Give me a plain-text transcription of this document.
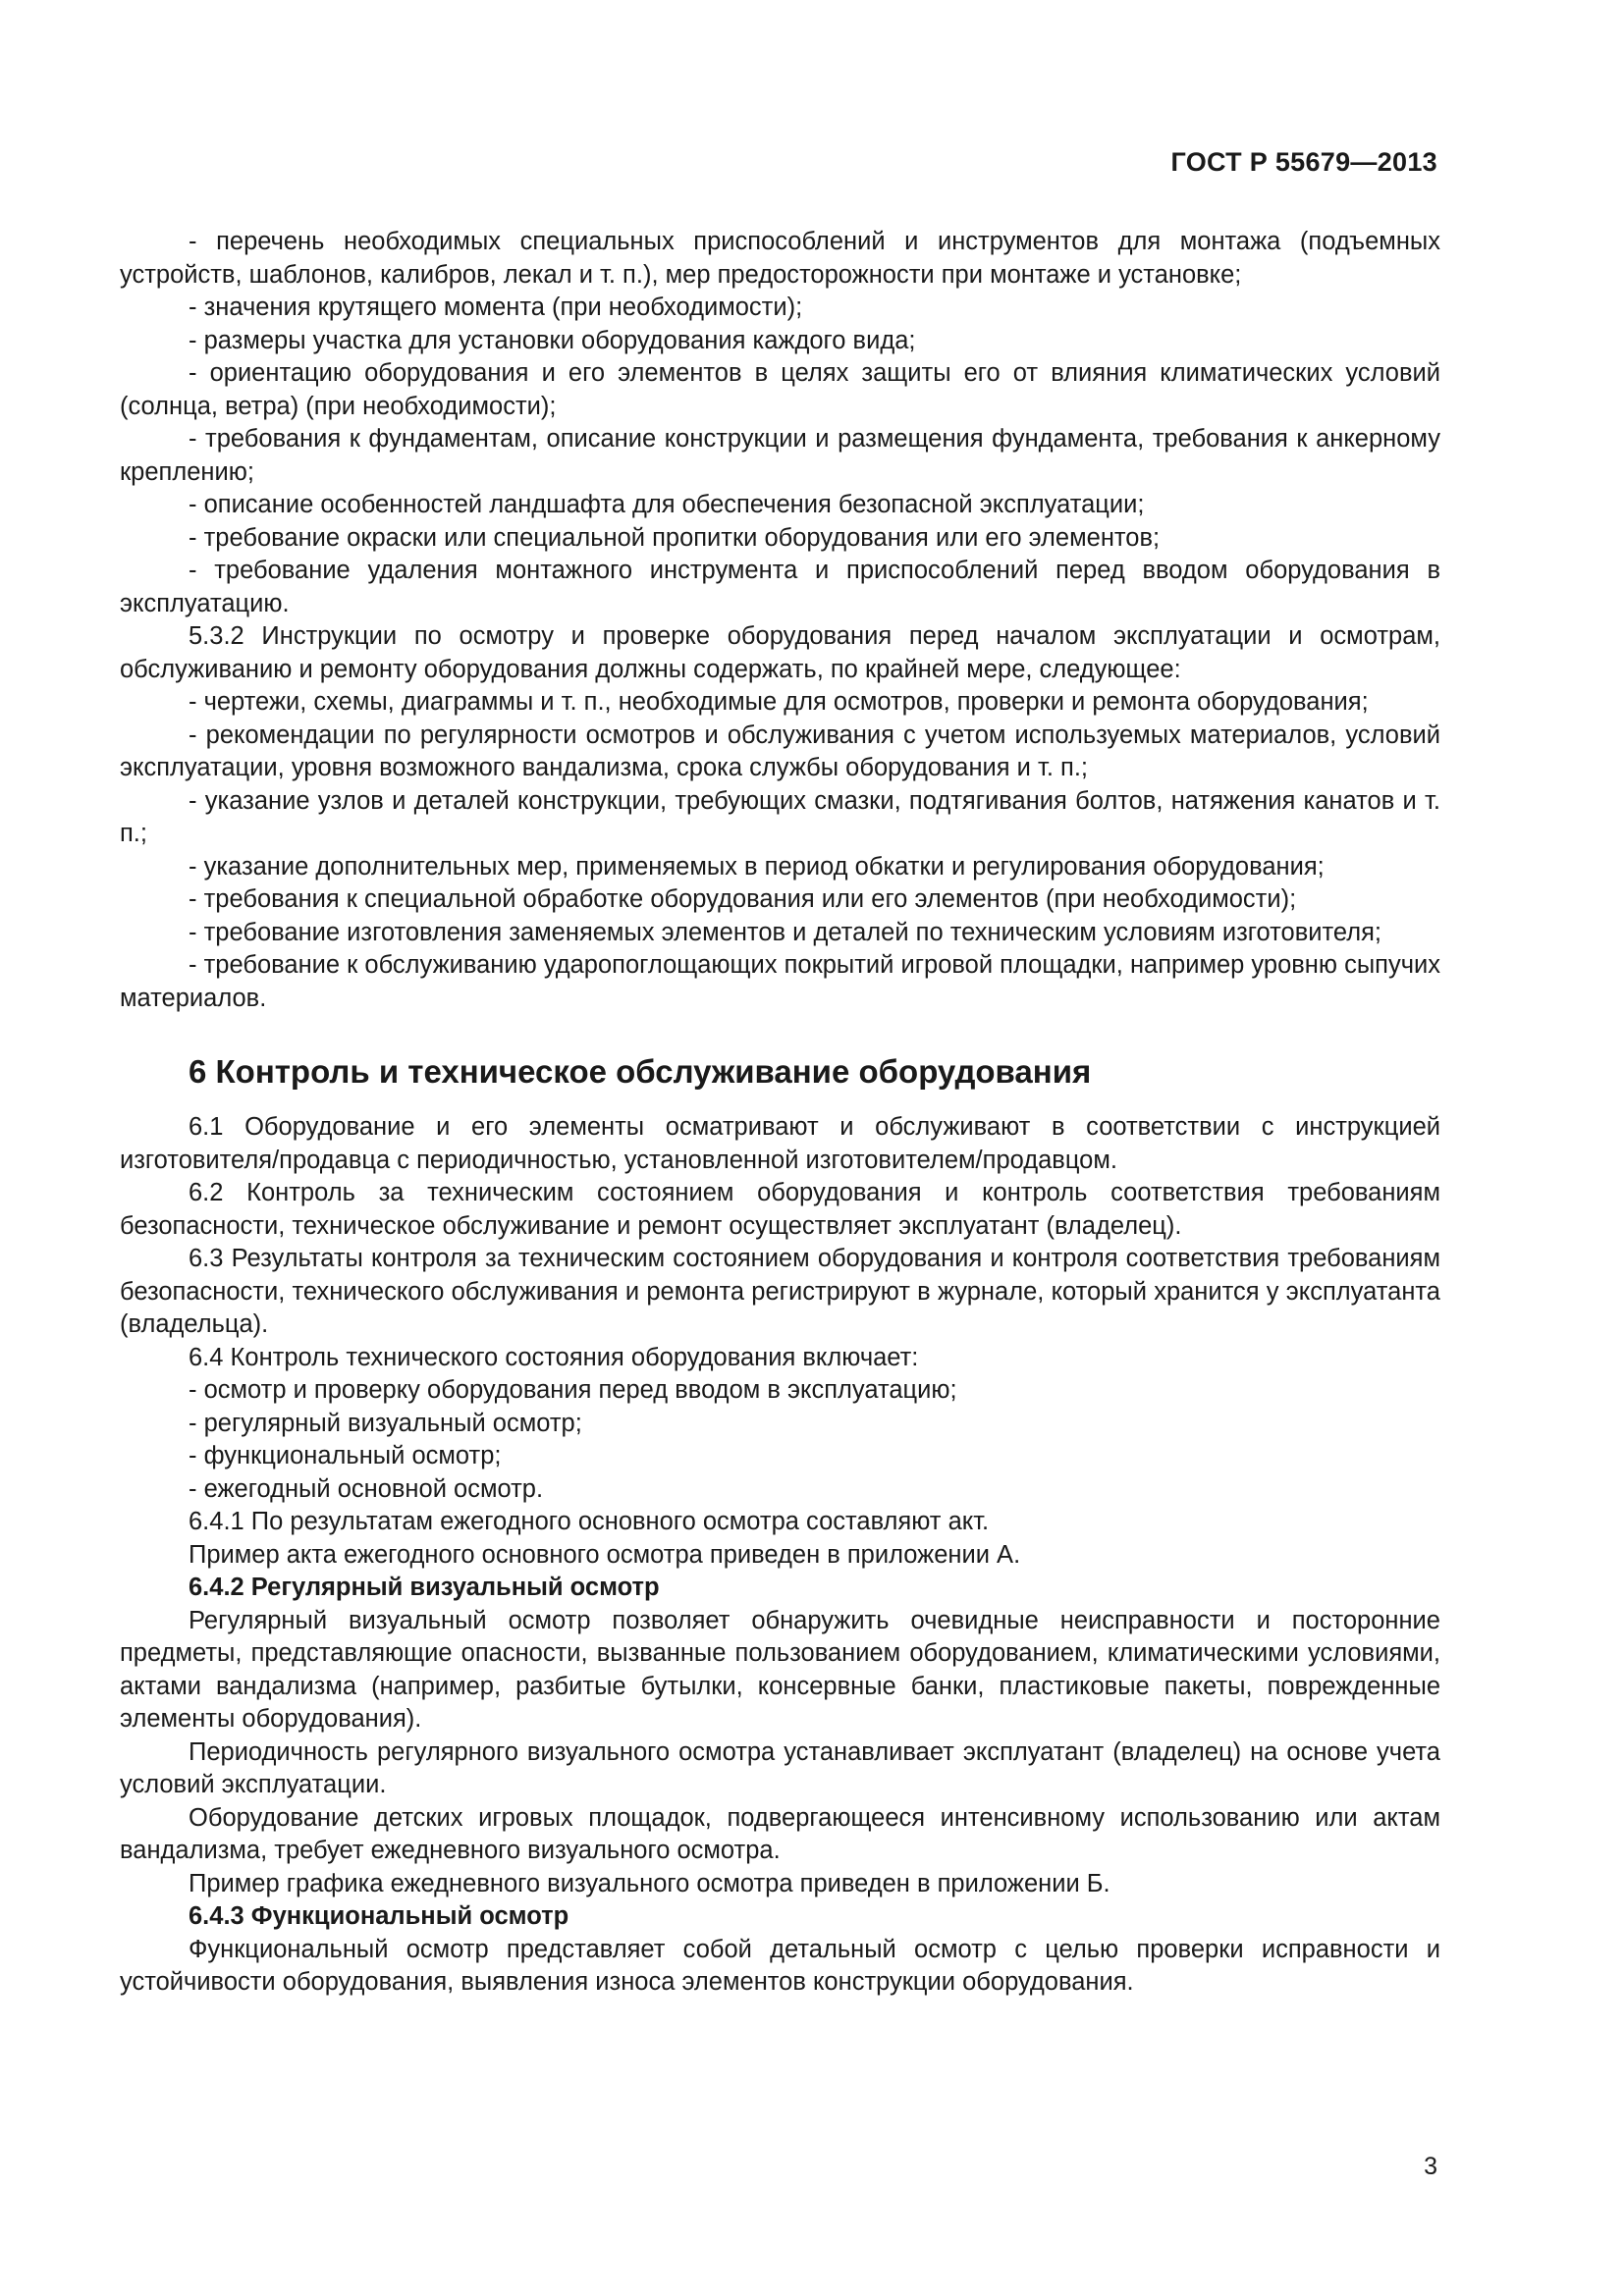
ГОСТ Р 55679—2013

- перечень необходимых специальных приспособлений и инструментов для монтажа (подъемных устройств, шаблонов, калибров, лекал и т. п.), мер предосторожности при монтаже и установке;

- значения крутящего момента (при необходимости);

- размеры участка для установки оборудования каждого вида;

- ориентацию оборудования и его элементов в целях защиты его от влияния климатических условий (солнца, ветра) (при необходимости);

- требования к фундаментам, описание конструкции и размещения фундамента, требования к анкерному креплению;

- описание особенностей ландшафта для обеспечения безопасной эксплуатации;

- требование окраски или специальной пропитки оборудования или его элементов;

- требование удаления монтажного инструмента и приспособлений перед вводом оборудования в эксплуатацию.

5.3.2 Инструкции по осмотру и проверке оборудования перед началом эксплуатации и осмотрам, обслуживанию и ремонту оборудования должны содержать, по крайней мере, следующее:

- чертежи, схемы, диаграммы и т. п., необходимые для осмотров, проверки и ремонта оборудования;

- рекомендации по регулярности осмотров и обслуживания с учетом используемых материалов, условий эксплуатации, уровня возможного вандализма, срока службы оборудования и т. п.;

- указание узлов и деталей конструкции, требующих смазки, подтягивания болтов, натяжения канатов и т. п.;

- указание дополнительных мер, применяемых в период обкатки и регулирования оборудования;

- требования к специальной обработке оборудования или его элементов (при необходимости);

- требование изготовления заменяемых элементов и деталей по техническим условиям изготовителя;

- требование к обслуживанию ударопоглощающих покрытий игровой площадки, например уровню сыпучих материалов.

6 Контроль и техническое обслуживание оборудования

6.1 Оборудование и его элементы осматривают и обслуживают в соответствии с инструкцией изготовителя/продавца с периодичностью, установленной изготовителем/продавцом.

6.2 Контроль за техническим состоянием оборудования и контроль соответствия требованиям безопасности, техническое обслуживание и ремонт осуществляет эксплуатант (владелец).

6.3 Результаты контроля за техническим состоянием оборудования и контроля соответствия требованиям безопасности, технического обслуживания и ремонта регистрируют в журнале, который хранится у эксплуатанта (владельца).

6.4 Контроль технического состояния оборудования включает:

- осмотр и проверку оборудования перед вводом в эксплуатацию;

- регулярный визуальный осмотр;

- функциональный осмотр;

- ежегодный основной осмотр.

6.4.1 По результатам ежегодного основного осмотра составляют акт.

Пример акта ежегодного основного осмотра приведен в приложении А.

6.4.2 Регулярный визуальный осмотр

Регулярный визуальный осмотр позволяет обнаружить очевидные неисправности и посторонние предметы, представляющие опасности, вызванные пользованием оборудованием, климатическими условиями, актами вандализма (например, разбитые бутылки, консервные банки, пластиковые пакеты, поврежденные элементы оборудования).

Периодичность регулярного визуального осмотра устанавливает эксплуатант (владелец) на основе учета условий эксплуатации.

Оборудование детских игровых площадок, подвергающееся интенсивному использованию или актам вандализма, требует ежедневного визуального осмотра.

Пример графика ежедневного визуального осмотра приведен в приложении Б.

6.4.3 Функциональный осмотр

Функциональный осмотр представляет собой детальный осмотр с целью проверки исправности и устойчивости оборудования, выявления износа элементов конструкции оборудования.

3
